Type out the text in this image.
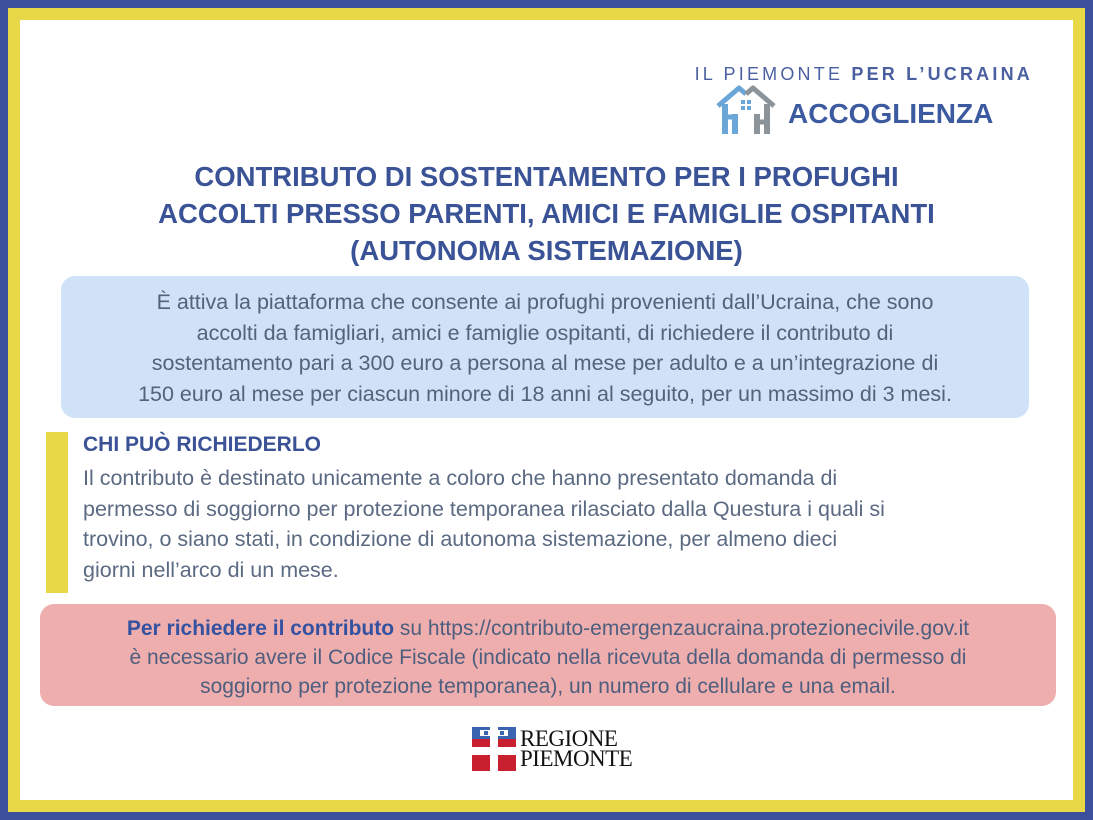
IL PIEMONTE PER L’UCRAINA
ACCOGLIENZA
CONTRIBUTO DI SOSTENTAMENTO PER I PROFUGHI
ACCOLTI PRESSO PARENTI, AMICI E FAMIGLIE OSPITANTI
(AUTONOMA SISTEMAZIONE)
È attiva la piattaforma che consente ai profughi provenienti dall’Ucraina, che sono
accolti da famigliari, amici e famiglie ospitanti, di richiedere il contributo di
sostentamento pari a 300 euro a persona al mese per adulto e a un’integrazione di
150 euro al mese per ciascun minore di 18 anni al seguito, per un massimo di 3 mesi.
CHI PUÒ RICHIEDERLO
Il contributo è destinato unicamente a coloro che hanno presentato domanda di
permesso di soggiorno per protezione temporanea rilasciato dalla Questura i quali si
trovino, o siano stati, in condizione di autonoma sistemazione, per almeno dieci
giorni nell’arco di un mese.
Per richiedere il contributo su https://contributo-emergenzaucraina.protezionecivile.gov.it
è necessario avere il Codice Fiscale (indicato nella ricevuta della domanda di permesso di
soggiorno per protezione temporanea), un numero di cellulare e una email.
REGIONE
PIEMONTE
